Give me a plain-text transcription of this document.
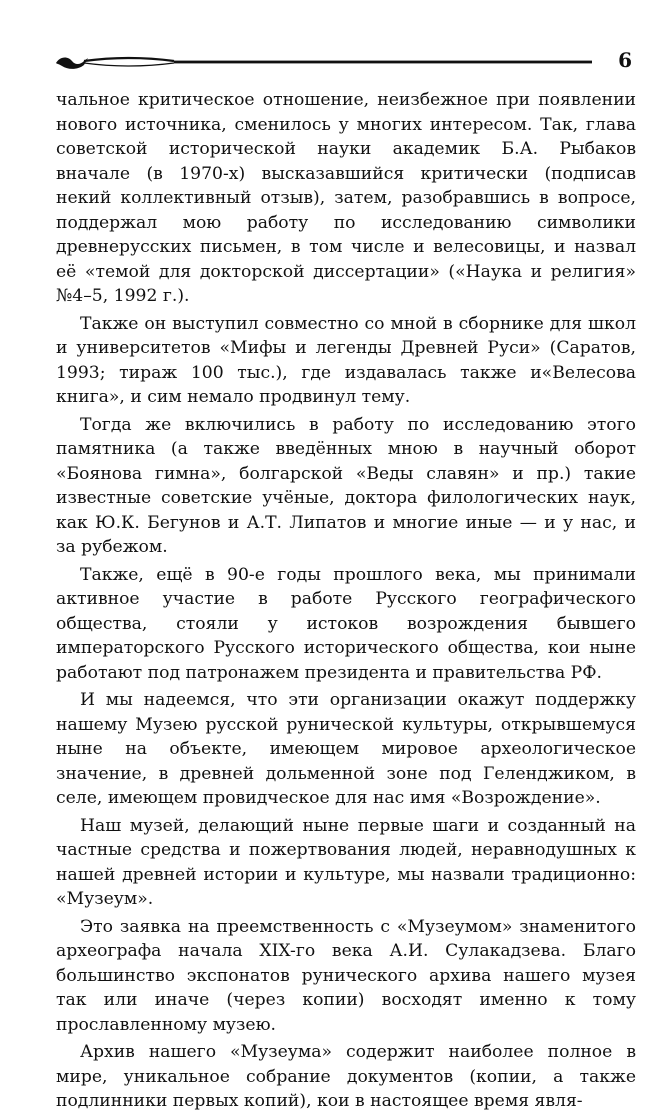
6

чальное критическое отношение, неизбежное при появлении нового источника, сменилось у многих интересом. Так, глава советской исторической науки академик Б.А. Рыбаков вначале (в 1970-х) высказавшийся критически (подписав некий коллективный отзыв), затем, разобравшись в вопросе, поддержал мою работу по исследованию символики древнерусских письмен, в том числе и велесовицы, и назвал её «темой для докторской диссертации» («Наука и религия» №4–5, 1992 г.).

Также он выступил совместно со мной в сборнике для школ и университетов «Мифы и легенды Древней Руси» (Саратов, 1993; тираж 100 тыс.), где издавалась также и«Велесова книга», и сим немало продвинул тему.

Тогда же включились в работу по исследованию этого памятника (а также введённых мною в научный оборот «Боянова гимна», болгарской «Веды славян» и пр.) такие известные советские учёные, доктора филологических наук, как Ю.К. Бегунов и А.Т. Липатов и многие иные — и у нас, и за рубежом.

Также, ещё в 90-е годы прошлого века, мы принимали активное участие в работе Русского географического общества, стояли у истоков возрождения бывшего императорского Русского исторического общества, кои ныне работают под патронажем президента и правительства РФ.

И мы надеемся, что эти организации окажут поддержку нашему Музею русской рунической культуры, открывшемуся ныне на объекте, имеющем мировое археологическое значение, в древней дольменной зоне под Геленджиком, в селе, имеющем провидческое для нас имя «Возрождение».

Наш музей, делающий ныне первые шаги и созданный на частные средства и пожертвования людей, неравнодушных к нашей древней истории и культуре, мы назвали традиционно: «Музеум».

Это заявка на преемственность с «Музеумом» знаменитого археографа начала XIX-го века А.И. Сулакадзева. Благо большинство экспонатов рунического архива нашего музея так или иначе (через копии) восходят именно к тому прославленному музею.

Архив нашего «Музеума» содержит наиболее полное в мире, уникальное собрание документов (копии, а также подлинники первых копий), кои в настоящее время явля-
